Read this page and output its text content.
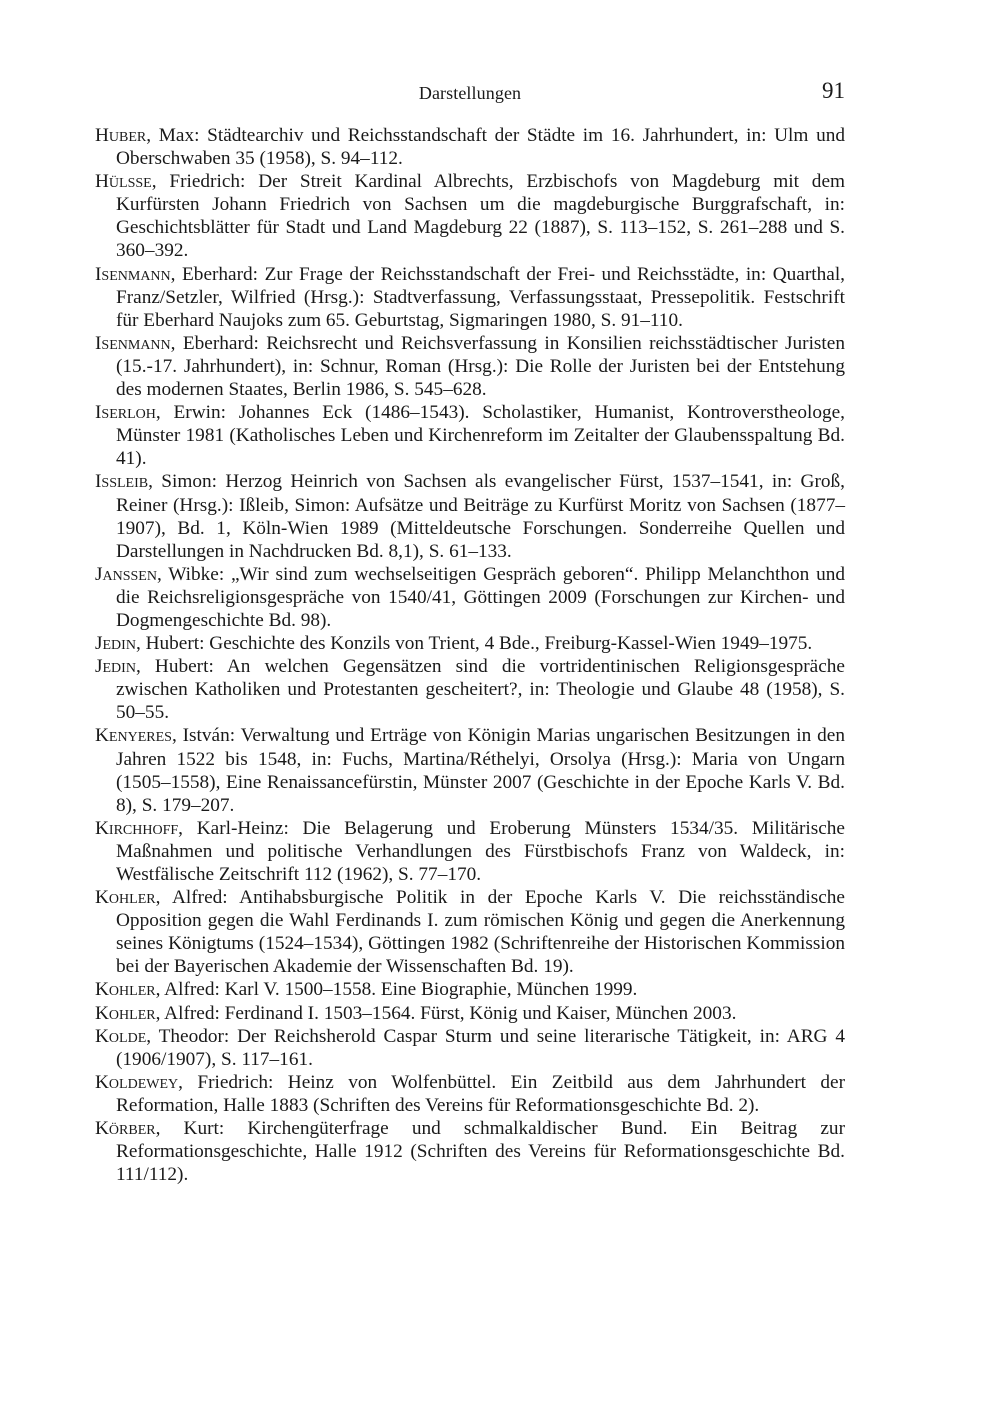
Darstellungen	91

Huber, Max: Städtearchiv und Reichsstandschaft der Städte im 16. Jahrhundert, in: Ulm und Oberschwaben 35 (1958), S. 94–112.

Hülsse, Friedrich: Der Streit Kardinal Albrechts, Erzbischofs von Magdeburg mit dem Kurfürsten Johann Friedrich von Sachsen um die magdeburgische Burggrafschaft, in: Geschichtsblätter für Stadt und Land Magdeburg 22 (1887), S. 113–152, S. 261–288 und S. 360–392.

Isenmann, Eberhard: Zur Frage der Reichsstandschaft der Frei- und Reichsstädte, in: Quarthal, Franz/Setzler, Wilfried (Hrsg.): Stadtverfassung, Verfassungsstaat, Pressepolitik. Festschrift für Eberhard Naujoks zum 65. Geburtstag, Sigmaringen 1980, S. 91–110.

Isenmann, Eberhard: Reichsrecht und Reichsverfassung in Konsilien reichsstädtischer Juristen (15.-17. Jahrhundert), in: Schnur, Roman (Hrsg.): Die Rolle der Juristen bei der Entstehung des modernen Staates, Berlin 1986, S. 545–628.

Iserloh, Erwin: Johannes Eck (1486–1543). Scholastiker, Humanist, Kontroverstheologe, Münster 1981 (Katholisches Leben und Kirchenreform im Zeitalter der Glaubensspaltung Bd. 41).

Issleib, Simon: Herzog Heinrich von Sachsen als evangelischer Fürst, 1537–1541, in: Groß, Reiner (Hrsg.): Ißleib, Simon: Aufsätze und Beiträge zu Kurfürst Moritz von Sachsen (1877–1907), Bd. 1, Köln-Wien 1989 (Mitteldeutsche Forschungen. Sonderreihe Quellen und Darstellungen in Nachdrucken Bd. 8,1), S. 61–133.

Janssen, Wibke: „Wir sind zum wechselseitigen Gespräch geboren“. Philipp Melanchthon und die Reichsreligionsgespräche von 1540/41, Göttingen 2009 (Forschungen zur Kirchen- und Dogmengeschichte Bd. 98).

Jedin, Hubert: Geschichte des Konzils von Trient, 4 Bde., Freiburg-Kassel-Wien 1949–1975.

Jedin, Hubert: An welchen Gegensätzen sind die vortridentinischen Religionsgespräche zwischen Katholiken und Protestanten gescheitert?, in: Theologie und Glaube 48 (1958), S. 50–55.

Kenyeres, István: Verwaltung und Erträge von Königin Marias ungarischen Besitzungen in den Jahren 1522 bis 1548, in: Fuchs, Martina/Réthelyi, Orsolya (Hrsg.): Maria von Ungarn (1505–1558), Eine Renaissancefürstin, Münster 2007 (Geschichte in der Epoche Karls V. Bd. 8), S. 179–207.

Kirchhoff, Karl-Heinz: Die Belagerung und Eroberung Münsters 1534/35. Militärische Maßnahmen und politische Verhandlungen des Fürstbischofs Franz von Waldeck, in: Westfälische Zeitschrift 112 (1962), S. 77–170.

Kohler, Alfred: Antihabsburgische Politik in der Epoche Karls V. Die reichsständische Opposition gegen die Wahl Ferdinands I. zum römischen König und gegen die Anerkennung seines Königtums (1524–1534), Göttingen 1982 (Schriftenreihe der Historischen Kommission bei der Bayerischen Akademie der Wissenschaften Bd. 19).

Kohler, Alfred: Karl V. 1500–1558. Eine Biographie, München 1999.

Kohler, Alfred: Ferdinand I. 1503–1564. Fürst, König und Kaiser, München 2003.

Kolde, Theodor: Der Reichsherold Caspar Sturm und seine literarische Tätigkeit, in: ARG 4 (1906/1907), S. 117–161.

Koldewey, Friedrich: Heinz von Wolfenbüttel. Ein Zeitbild aus dem Jahrhundert der Reformation, Halle 1883 (Schriften des Vereins für Reformationsgeschichte Bd. 2).

Körber, Kurt: Kirchengüterfrage und schmalkaldischer Bund. Ein Beitrag zur Reformationsgeschichte, Halle 1912 (Schriften des Vereins für Reformationsgeschichte Bd. 111/112).
